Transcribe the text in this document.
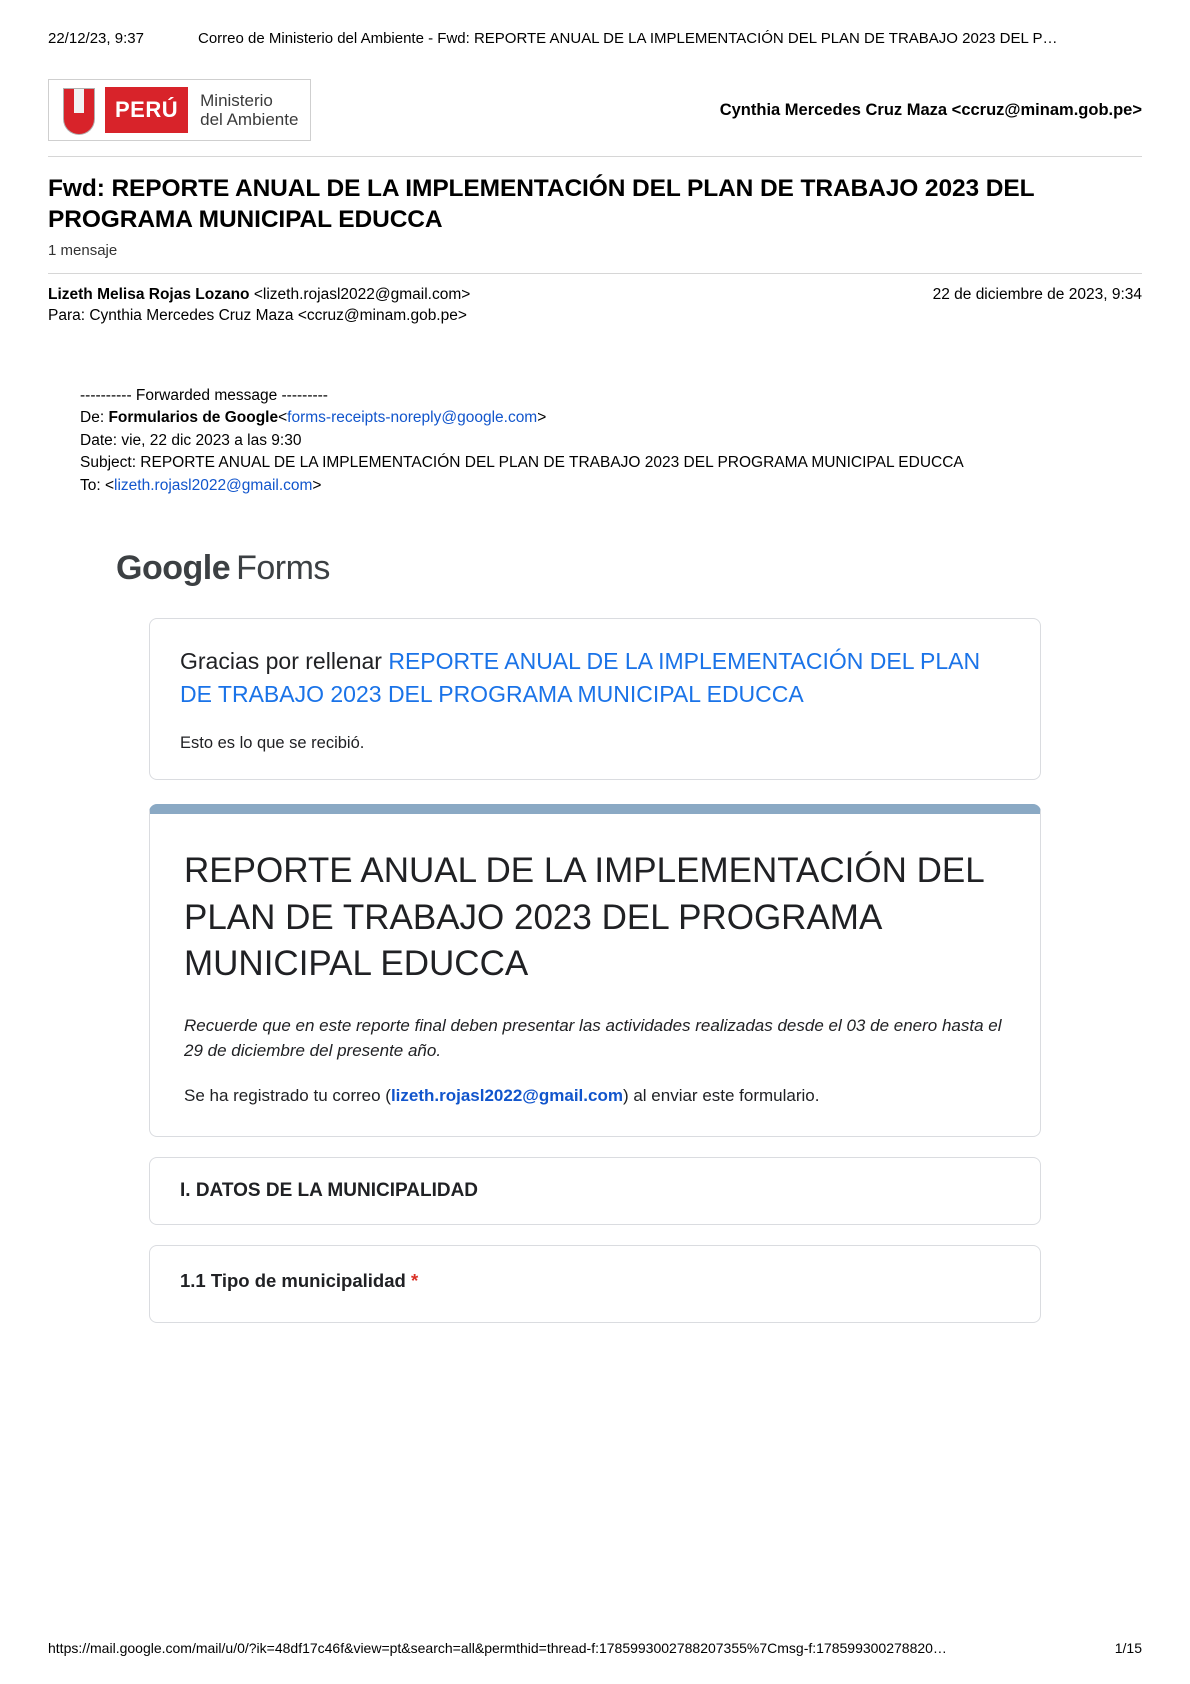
22/12/23, 9:37	Correo de Ministerio del Ambiente - Fwd: REPORTE ANUAL DE LA IMPLEMENTACIÓN DEL PLAN DE TRABAJO 2023 DEL P…
PERÚ	Ministerio
del Ambiente
Cynthia Mercedes Cruz Maza <ccruz@minam.gob.pe>
Fwd: REPORTE ANUAL DE LA IMPLEMENTACIÓN DEL PLAN DE TRABAJO 2023 DEL PROGRAMA MUNICIPAL EDUCCA
1 mensaje
Lizeth Melisa Rojas Lozano <lizeth.rojasl2022@gmail.com>
Para: Cynthia Mercedes Cruz Maza <ccruz@minam.gob.pe>
22 de diciembre de 2023, 9:34
---------- Forwarded message ---------
De: Formularios de Google<forms-receipts-noreply@google.com>
Date: vie, 22 dic 2023 a las 9:30
Subject: REPORTE ANUAL DE LA IMPLEMENTACIÓN DEL PLAN DE TRABAJO 2023 DEL PROGRAMA MUNICIPAL EDUCCA
To: <lizeth.rojasl2022@gmail.com>
Google Forms
Gracias por rellenar REPORTE ANUAL DE LA IMPLEMENTACIÓN DEL PLAN DE TRABAJO 2023 DEL PROGRAMA MUNICIPAL EDUCCA
Esto es lo que se recibió.
REPORTE ANUAL DE LA IMPLEMENTACIÓN DEL PLAN DE TRABAJO 2023 DEL PROGRAMA MUNICIPAL EDUCCA
Recuerde que en este reporte final deben presentar las actividades realizadas desde el 03 de enero hasta el 29 de diciembre del presente año.
Se ha registrado tu correo (lizeth.rojasl2022@gmail.com) al enviar este formulario.
I. DATOS DE LA MUNICIPALIDAD
1.1 Tipo de municipalidad *
https://mail.google.com/mail/u/0/?ik=48df17c46f&view=pt&search=all&permthid=thread-f:1785993002788207355%7Cmsg-f:178599300278820…	1/15
